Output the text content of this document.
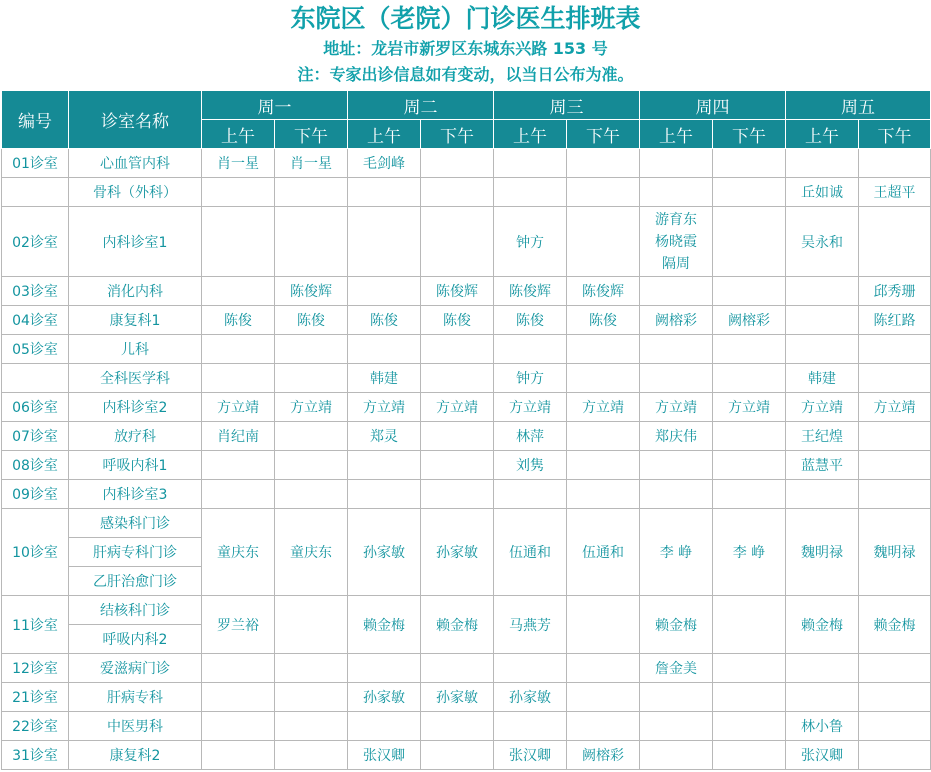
东院区（老院）门诊医生排班表
地址：龙岩市新罗区东城东兴路 153 号
注：专家出诊信息如有变动，以当日公布为准。
编号	诊室名称	周一		周二		周三		周四		周五	
		上午	下午	上午	下午	上午	下午	上午	下午	上午	下午
01诊室	心血管内科	肖一星	肖一星	毛剑峰							
	骨科（外科）									丘如诚	王超平
02诊室	内科诊室1					钟方		游育东
杨晓霞
隔周		吴永和	
03诊室	消化内科		陈俊辉		陈俊辉	陈俊辉	陈俊辉				邱秀珊
04诊室	康复科1	陈俊	陈俊	陈俊	陈俊	陈俊	陈俊	阙榕彩	阙榕彩		陈红路
05诊室	儿科										
	全科医学科			韩建		钟方				韩建	
06诊室	内科诊室2	方立靖	方立靖	方立靖	方立靖	方立靖	方立靖	方立靖	方立靖	方立靖	方立靖
07诊室	放疗科	肖纪南		郑灵		林萍		郑庆伟		王纪煌	
08诊室	呼吸内科1					刘隽				蓝慧平	
09诊室	内科诊室3										
10诊室	感染科门诊	童庆东	童庆东	孙家敏	孙家敏	伍通和	伍通和	李 峥	李 峥	魏明禄	魏明禄
	肝病专科门诊										
	乙肝治愈门诊										
11诊室	结核科门诊	罗兰裕		赖金梅	赖金梅	马燕芳		赖金梅		赖金梅	赖金梅
	呼吸内科2										
12诊室	爱滋病门诊							詹金美			
21诊室	肝病专科			孙家敏	孙家敏	孙家敏					
22诊室	中医男科									林小鲁	
31诊室	康复科2			张汉卿		张汉卿	阙榕彩			张汉卿	
